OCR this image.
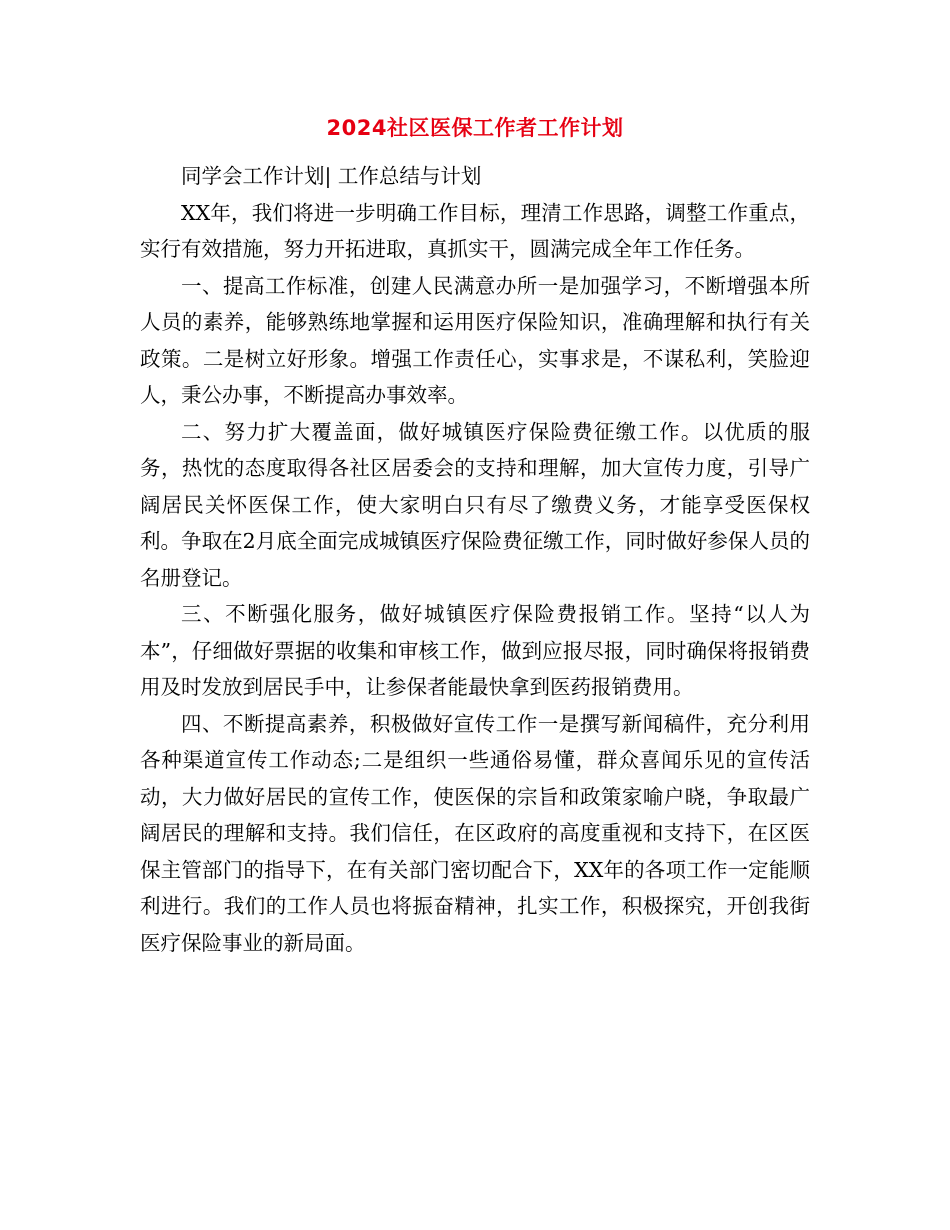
2024社区医保工作者工作计划

同学会工作计划| 工作总结与计划

XX年，我们将进一步明确工作目标，理清工作思路，调整工作重点，实行有效措施，努力开拓进取，真抓实干，圆满完成全年工作任务。

一、提高工作标准，创建人民满意办所一是加强学习，不断增强本所人员的素养，能够熟练地掌握和运用医疗保险知识，准确理解和执行有关政策。二是树立好形象。增强工作责任心，实事求是，不谋私利，笑脸迎人，秉公办事，不断提高办事效率。

二、努力扩大覆盖面，做好城镇医疗保险费征缴工作。以优质的服务，热忱的态度取得各社区居委会的支持和理解，加大宣传力度，引导广阔居民关怀医保工作，使大家明白只有尽了缴费义务，才能享受医保权利。争取在2月底全面完成城镇医疗保险费征缴工作，同时做好参保人员的名册登记。

三、不断强化服务，做好城镇医疗保险费报销工作。坚持“以人为本”，仔细做好票据的收集和审核工作，做到应报尽报，同时确保将报销费用及时发放到居民手中，让参保者能最快拿到医药报销费用。

四、不断提高素养，积极做好宣传工作一是撰写新闻稿件，充分利用各种渠道宣传工作动态;二是组织一些通俗易懂，群众喜闻乐见的宣传活动，大力做好居民的宣传工作，使医保的宗旨和政策家喻户晓，争取最广阔居民的理解和支持。我们信任，在区政府的高度重视和支持下，在区医保主管部门的指导下，在有关部门密切配合下，XX年的各项工作一定能顺利进行。我们的工作人员也将振奋精神，扎实工作，积极探究，开创我街医疗保险事业的新局面。
